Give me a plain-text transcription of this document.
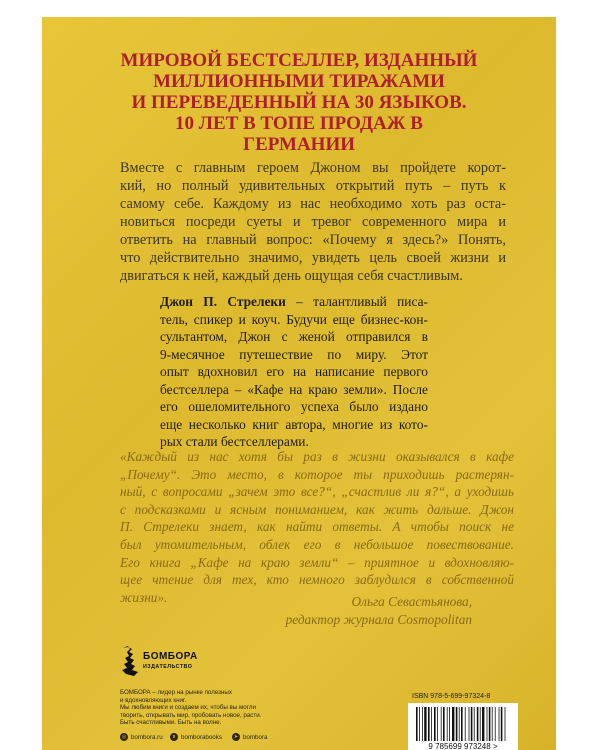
МИРОВОЙ БЕСТСЕЛЛЕР, ИЗДАННЫЙ
МИЛЛИОННЫМИ ТИРАЖАМИ
И ПЕРЕВЕДЕННЫЙ НА 30 ЯЗЫКОВ.
10 ЛЕТ В ТОПЕ ПРОДАЖ В
ГЕРМАНИИ
Вместе с главным героем Джоном вы пройдете корот-
кий, но полный удивительных открытий путь – путь к
самому себе. Каждому из нас необходимо хоть раз оста-
новиться посреди суеты и тревог современного мира и
ответить на главный вопрос: «Почему я здесь?» Понять,
что действительно значимо, увидеть цель своей жизни и
двигаться к ней, каждый день ощущая себя счастливым.
Джон П. Стрелеки – талантливый писа-
тель, спикер и коуч. Будучи еще бизнес-кон-
сультантом, Джон с женой отправился в
9-месячное путешествие по миру. Этот
опыт вдохновил его на написание первого
бестселлера – «Кафе на краю земли». После
его ошеломительного успеха было издано
еще несколько книг автора, многие из кото-
рых стали бестселлерами.
«Каждый из нас хотя бы раз в жизни оказывался в кафе
„Почему“. Это место, в которое ты приходишь растерян-
ный, с вопросами „зачем это все?“, „счастлив ли я?“, а уходишь
с подсказками и ясным пониманием, как жить дальше. Джон
П. Стрелеки знает, как найти ответы. А чтобы поиск не
был утомительным, облек его в небольшое повествование.
Его книга „Кафе на краю земли“ – приятное и вдохновляю-
щее чтение для тех, кто немного заблудился в собственной
жизни».	Ольга Севастьянова,
редактор журнала Cosmopolitan
БОМБОРА
ИЗДАТЕЛЬСТВО
БОМБОРА – лидер на рынке полезных
и вдохновляющих книг.
Мы любим книги и создаем их, чтобы вы могли
творить, открывать мир, пробовать новое, расти.
Быть счастливыми. Быть на волне.
◎ bombora.ru	в bomborabooks	➤ bombora
ISBN 978-5-699-97324-8
9 785699 973248 >
